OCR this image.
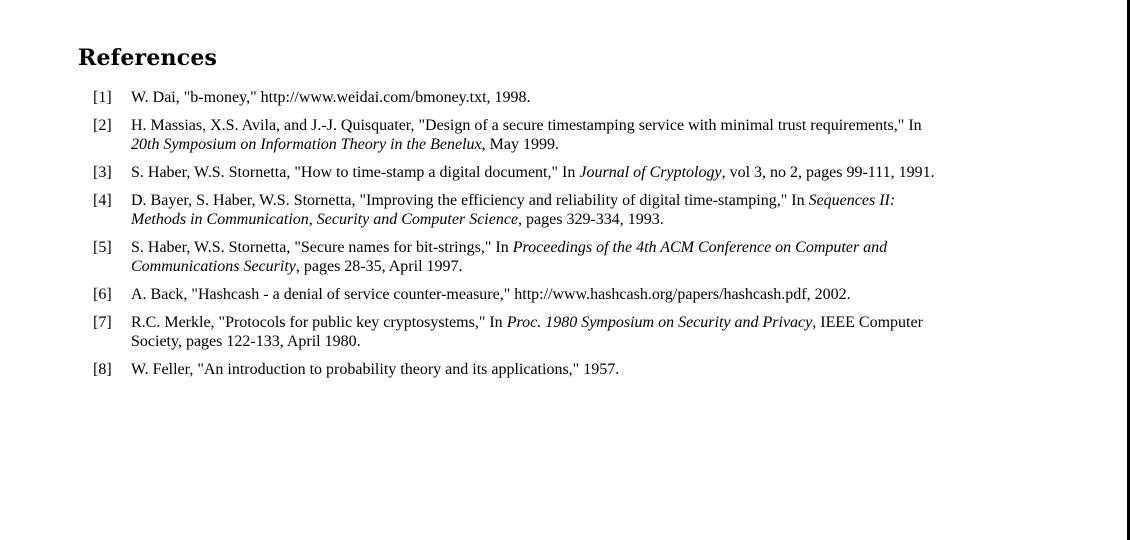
References
[1]	W. Dai, "b-money," http://www.weidai.com/bmoney.txt, 1998.
[2]	H. Massias, X.S. Avila, and J.-J. Quisquater, "Design of a secure timestamping service with minimal trust requirements," In 20th Symposium on Information Theory in the Benelux, May 1999.
[3]	S. Haber, W.S. Stornetta, "How to time-stamp a digital document," In Journal of Cryptology, vol 3, no 2, pages 99-111, 1991.
[4]	D. Bayer, S. Haber, W.S. Stornetta, "Improving the efficiency and reliability of digital time-stamping," In Sequences II: Methods in Communication, Security and Computer Science, pages 329-334, 1993.
[5]	S. Haber, W.S. Stornetta, "Secure names for bit-strings," In Proceedings of the 4th ACM Conference on Computer and Communications Security, pages 28-35, April 1997.
[6]	A. Back, "Hashcash - a denial of service counter-measure," http://www.hashcash.org/papers/hashcash.pdf, 2002.
[7]	R.C. Merkle, "Protocols for public key cryptosystems," In Proc. 1980 Symposium on Security and Privacy, IEEE Computer Society, pages 122-133, April 1980.
[8]	W. Feller, "An introduction to probability theory and its applications," 1957.
